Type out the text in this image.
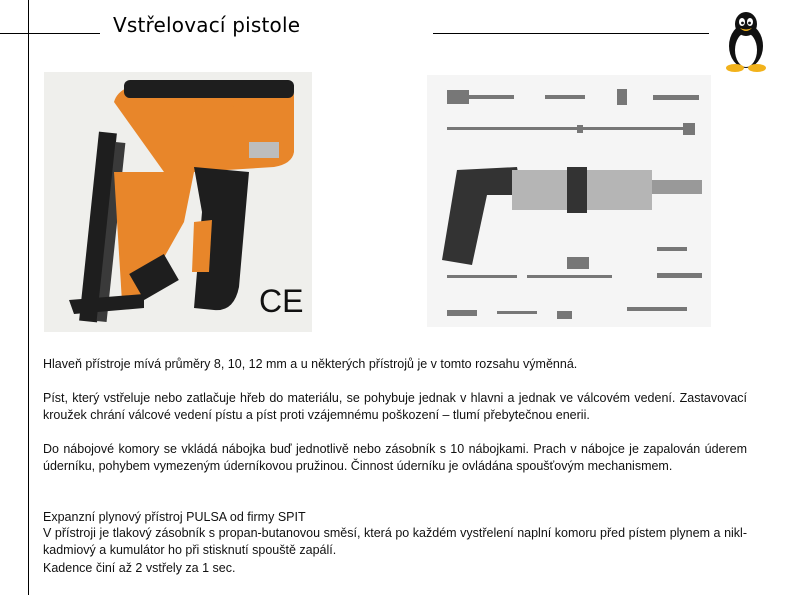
Vstřelovací pistole
PULSA 1000
CE

Hlaveň přístroje mívá průměry 8, 10, 12 mm a u některých přístrojů je v tomto rozsahu výměnná.

Píst, který vstřeluje nebo zatlačuje hřeb do materiálu, se pohybuje jednak v hlavni a jednak ve válcovém vedení. Zastavovací kroužek chrání válcové vedení pístu a píst proti vzájemnému poškození – tlumí přebytečnou enerii.

Do nábojové komory se vkládá nábojka buď jednotlivě nebo zásobník s 10 nábojkami. Prach v nábojce je zapalován úderem úderníku, pohybem vymezeným úderníkovou pružinou. Činnost úderníku je ovládána spoušťovým mechanismem.

Expanzní plynový přístroj PULSA od firmy SPIT

V přístroji je tlakový zásobník s propan-butanovou směsí, která po každém vystřelení naplní komoru před pístem plynem a nikl-kadmiový a kumulátor ho při stisknutí spouště zapálí.

Kadence činí až 2 vstřely za 1 sec.
